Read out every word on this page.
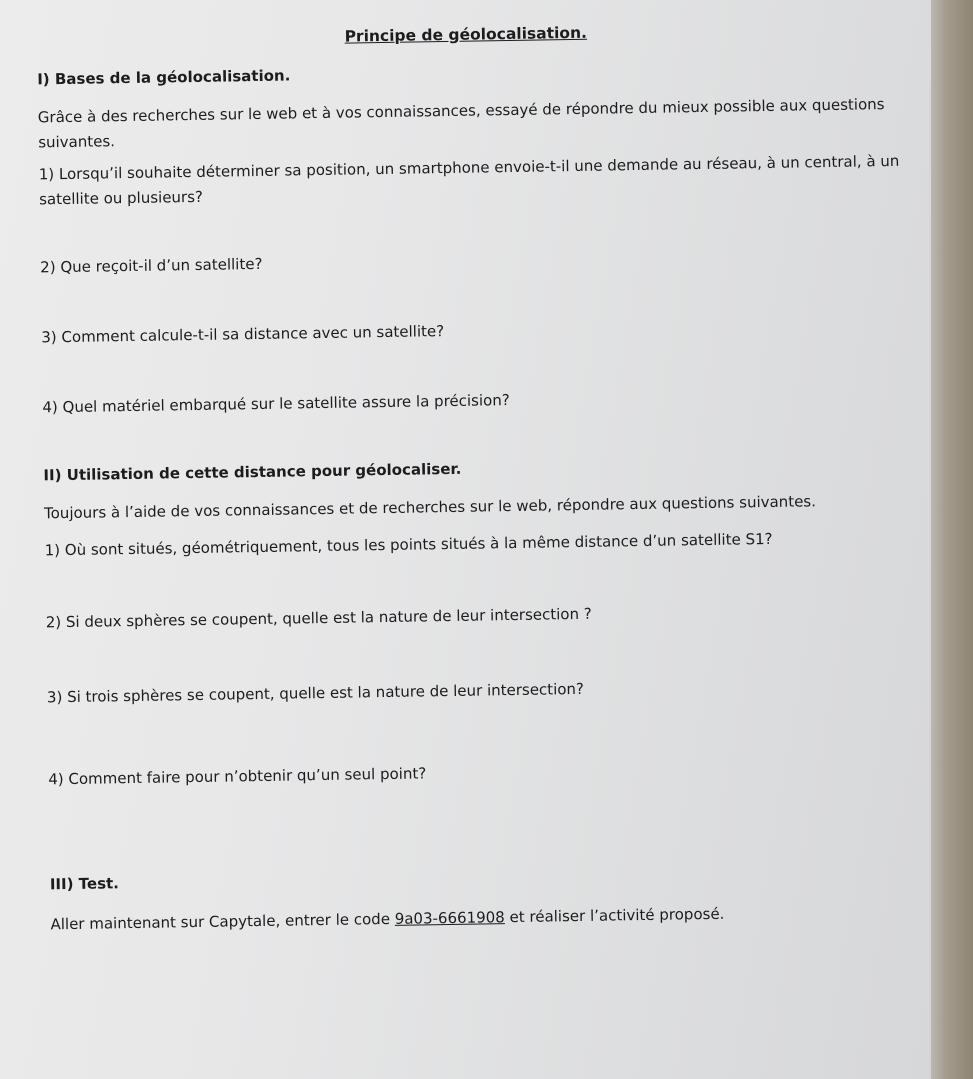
Principe de géolocalisation.
I) Bases de la géolocalisation.
Grâce à des recherches sur le web et à vos connaissances, essayé de répondre du mieux possible aux questions
suivantes.
1) Lorsqu’il souhaite déterminer sa position, un smartphone envoie-t-il une demande au réseau, à un central, à un
satellite ou plusieurs?
2) Que reçoit-il d’un satellite?
3) Comment calcule-t-il sa distance avec un satellite?
4) Quel matériel embarqué sur le satellite assure la précision?
II) Utilisation de cette distance pour géolocaliser.
Toujours à l’aide de vos connaissances et de recherches sur le web, répondre aux questions suivantes.
1) Où sont situés, géométriquement, tous les points situés à la même distance d’un satellite S1?
2) Si deux sphères se coupent, quelle est la nature de leur intersection ?
3) Si trois sphères se coupent, quelle est la nature de leur intersection?
4) Comment faire pour n’obtenir qu’un seul point?
III) Test.
Aller maintenant sur Capytale, entrer le code 9a03-6661908 et réaliser l’activité proposé.
